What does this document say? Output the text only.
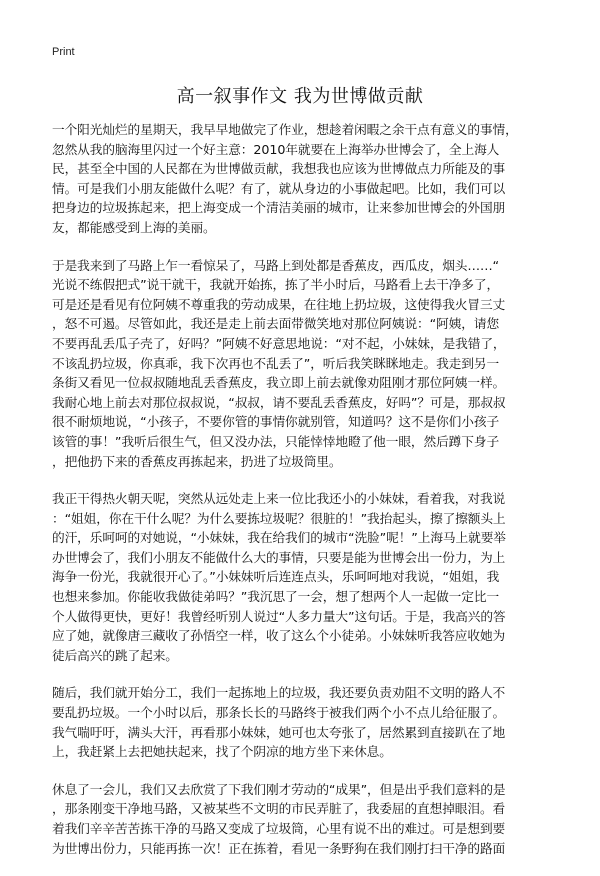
Print
高一叙事作文 我为世博做贡献
一个阳光灿烂的星期天，我早早地做完了作业，想趁着闲暇之余干点有意义的事情，
忽然从我的脑海里闪过一个好主意：2010年就要在上海举办世博会了，全上海人
民，甚至全中国的人民都在为世博做贡献，我想我也应该为世博做点力所能及的事
情。可是我们小朋友能做什么呢？有了，就从身边的小事做起吧。比如，我们可以
把身边的垃圾拣起来，把上海变成一个清洁美丽的城市，让来参加世博会的外国朋
友，都能感受到上海的美丽。
于是我来到了马路上乍一看惊呆了，马路上到处都是香蕉皮，西瓜皮，烟头……“
光说不练假把式”说干就干，我就开始拣，拣了半小时后，马路看上去干净多了，
可是还是看见有位阿姨不尊重我的劳动成果，在往地上扔垃圾，这使得我火冒三丈
，怒不可遏。尽管如此，我还是走上前去面带微笑地对那位阿姨说：“阿姨，请您
不要再乱丢瓜子壳了，好吗？”阿姨不好意思地说：“对不起，小妹妹，是我错了，
不该乱扔垃圾，你真乖，我下次再也不乱丢了”，听后我笑眯眯地走。我走到另一
条街又看见一位叔叔随地乱丢香蕉皮，我立即上前去就像劝阻刚才那位阿姨一样。
我耐心地上前去对那位叔叔说，“叔叔，请不要乱丢香蕉皮，好吗”？可是，那叔叔
很不耐烦地说，“小孩子，不要你管的事情你就别管，知道吗？这不是你们小孩子
该管的事！”我听后很生气，但又没办法，只能悻悻地瞪了他一眼，然后蹲下身子
，把他扔下来的香蕉皮再拣起来，扔进了垃圾筒里。
我正干得热火朝天呢，突然从远处走上来一位比我还小的小妹妹，看着我，对我说
：“姐姐，你在干什么呢？为什么要拣垃圾呢？很脏的！”我抬起头，擦了擦额头上
的汗，乐呵呵的对她说，“小妹妹，我在给我们的城市“洗脸”呢！”上海马上就要举
办世博会了，我们小朋友不能做什么大的事情，只要是能为世博会出一份力，为上
海争一份光，我就很开心了。”小妹妹听后连连点头，乐呵呵地对我说，“姐姐，我
也想来参加。你能收我做徒弟吗？”我沉思了一会，想了想两个人一起做一定比一
个人做得更快，更好！我曾经听别人说过“人多力量大”这句话。于是，我高兴的答
应了她，就像唐三藏收了孙悟空一样，收了这么个小徒弟。小妹妹听我答应收她为
徒后高兴的跳了起来。
随后，我们就开始分工，我们一起拣地上的垃圾，我还要负责劝阻不文明的路人不
要乱扔垃圾。一个小时以后，那条长长的马路终于被我们两个小不点儿给征服了。
我气喘吁吁，满头大汗，再看那小妹妹，她可也太夸张了，居然累到直接趴在了地
上，我赶紧上去把她扶起来，找了个阴凉的地方坐下来休息。
休息了一会儿，我们又去欣赏了下我们刚才劳动的“成果”，但是出乎我们意料的是
，那条刚变干净地马路，又被某些不文明的市民弄脏了，我委屈的直想掉眼泪。看
着我们辛辛苦苦拣干净的马路又变成了垃圾筒，心里有说不出的难过。可是想到要
为世博出份力，只能再拣一次！正在拣着，看见一条野狗在我们刚打扫干净的路面
